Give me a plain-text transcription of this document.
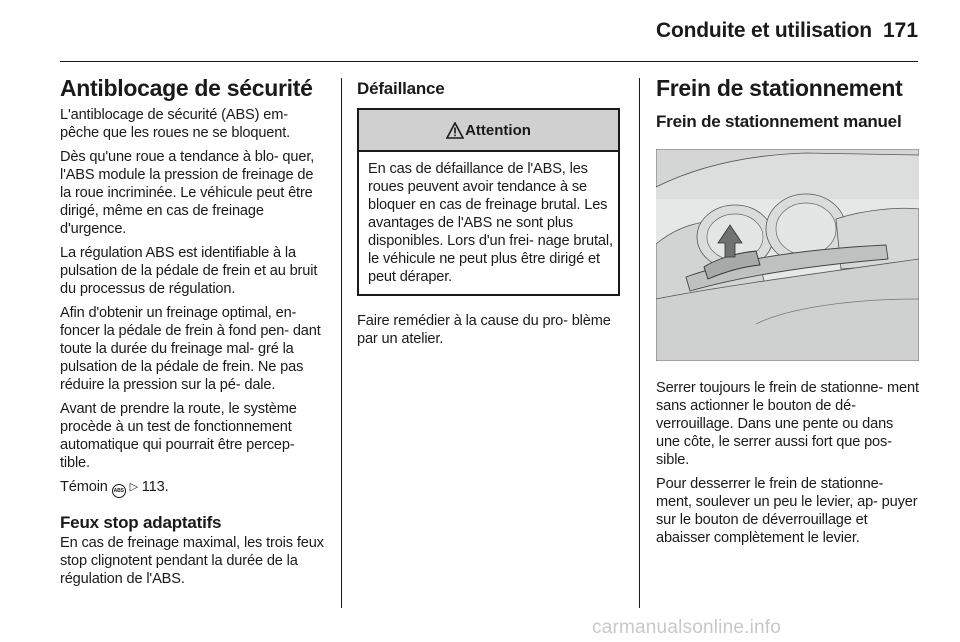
Conduite et utilisation 171
Antiblocage de sécurité

L'antiblocage de sécurité (ABS) em- pêche que les roues ne se bloquent.

Dès qu'une roue a tendance à blo- quer, l'ABS module la pression de freinage de la roue incriminée. Le véhicule peut être dirigé, même en cas de freinage d'urgence.

La régulation ABS est identifiable à la pulsation de la pédale de frein et au bruit du processus de régulation.

Afin d'obtenir un freinage optimal, en- foncer la pédale de frein à fond pen- dant toute la durée du freinage mal- gré la pulsation de la pédale de frein. Ne pas réduire la pression sur la pé- dale.

Avant de prendre la route, le système procède à un test de fonctionnement automatique qui pourrait être percep- tible.

Témoin ABS ▷ 113.

Feux stop adaptatifs

En cas de freinage maximal, les trois feux stop clignotent pendant la durée de la régulation de l'ABS.

Défaillance
Attention

En cas de défaillance de l'ABS, les roues peuvent avoir tendance à se bloquer en cas de freinage brutal. Les avantages de l'ABS ne sont plus disponibles. Lors d'un frei- nage brutal, le véhicule ne peut plus être dirigé et peut déraper.

Faire remédier à la cause du pro- blème par un atelier.

Frein de stationnement
Frein de stationnement manuel

Serrer toujours le frein de stationne- ment sans actionner le bouton de dé- verrouillage. Dans une pente ou dans une côte, le serrer aussi fort que pos- sible.

Pour desserrer le frein de stationne- ment, soulever un peu le levier, ap- puyer sur le bouton de déverrouillage et abaisser complètement le levier.

carmanualsonline.info
